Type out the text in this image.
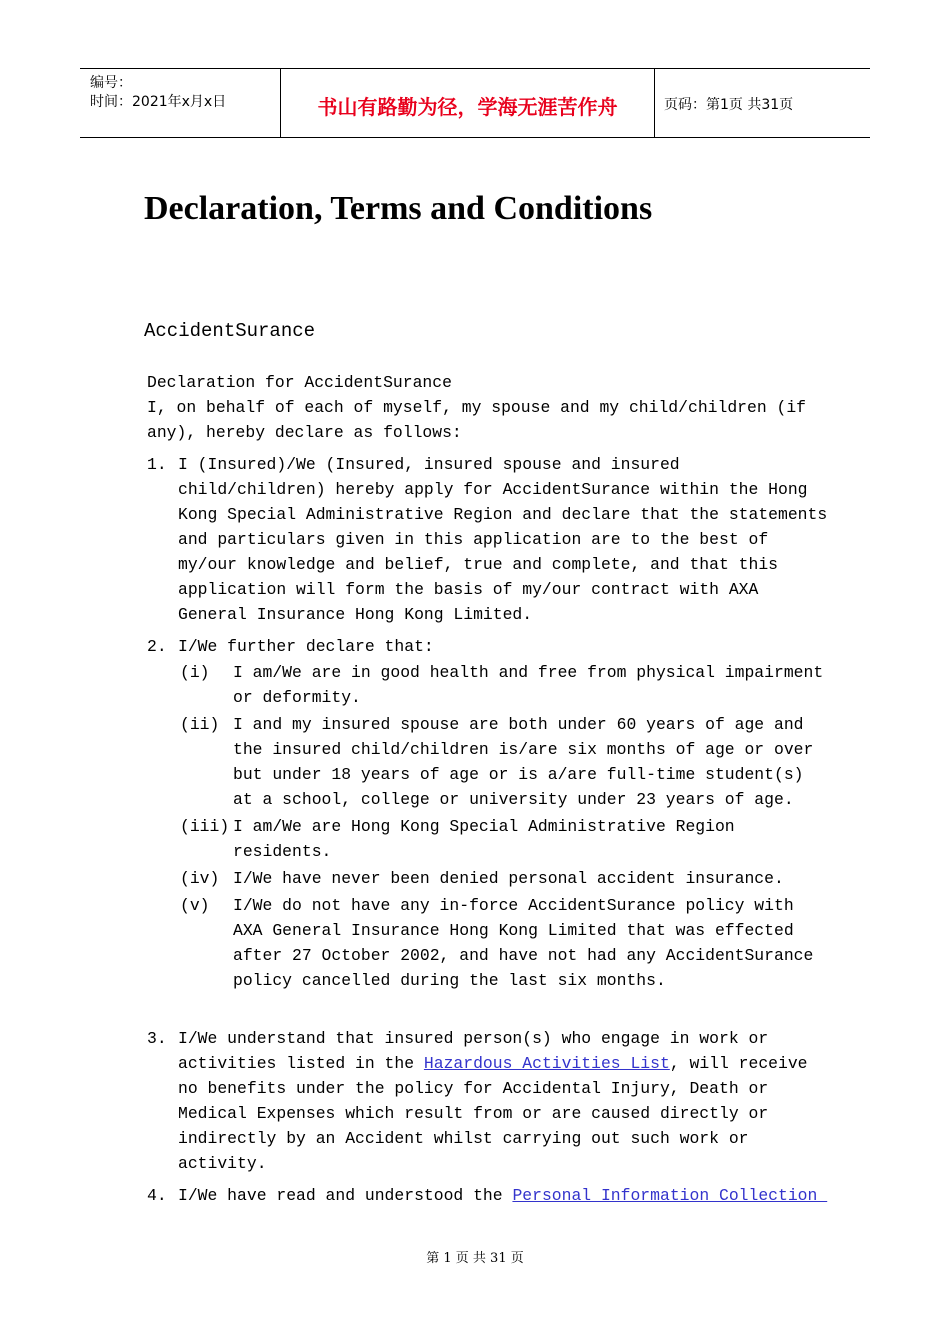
编号：
时间：2021年x月x日	书山有路勤为径，学海无涯苦作舟	页码：第1页 共31页
Declaration, Terms and Conditions
AccidentSurance
Declaration for AccidentSurance
I, on behalf of each of myself, my spouse and my child/children (if
any), hereby declare as follows:
1. I (Insured)/We (Insured, insured spouse and insured
child/children) hereby apply for AccidentSurance within the Hong
Kong Special Administrative Region and declare that the statements
and particulars given in this application are to the best of
my/our knowledge and belief, true and complete, and that this
application will form the basis of my/our contract with AXA
General Insurance Hong Kong Limited.
2. I/We further declare that:
(i) I am/We are in good health and free from physical impairment
or deformity.
(ii) I and my insured spouse are both under 60 years of age and
the insured child/children is/are six months of age or over
but under 18 years of age or is a/are full-time student(s)
at a school, college or university under 23 years of age.
(iii) I am/We are Hong Kong Special Administrative Region
residents.
(iv) I/We have never been denied personal accident insurance.
(v) I/We do not have any in-force AccidentSurance policy with
AXA General Insurance Hong Kong Limited that was effected
after 27 October 2002, and have not had any AccidentSurance
policy cancelled during the last six months.
3. I/We understand that insured person(s) who engage in work or
activities listed in the Hazardous Activities List, will receive
no benefits under the policy for Accidental Injury, Death or
Medical Expenses which result from or are caused directly or
indirectly by an Accident whilst carrying out such work or
activity.
4. I/We have read and understood the Personal Information Collection
第 1 页 共 31 页
